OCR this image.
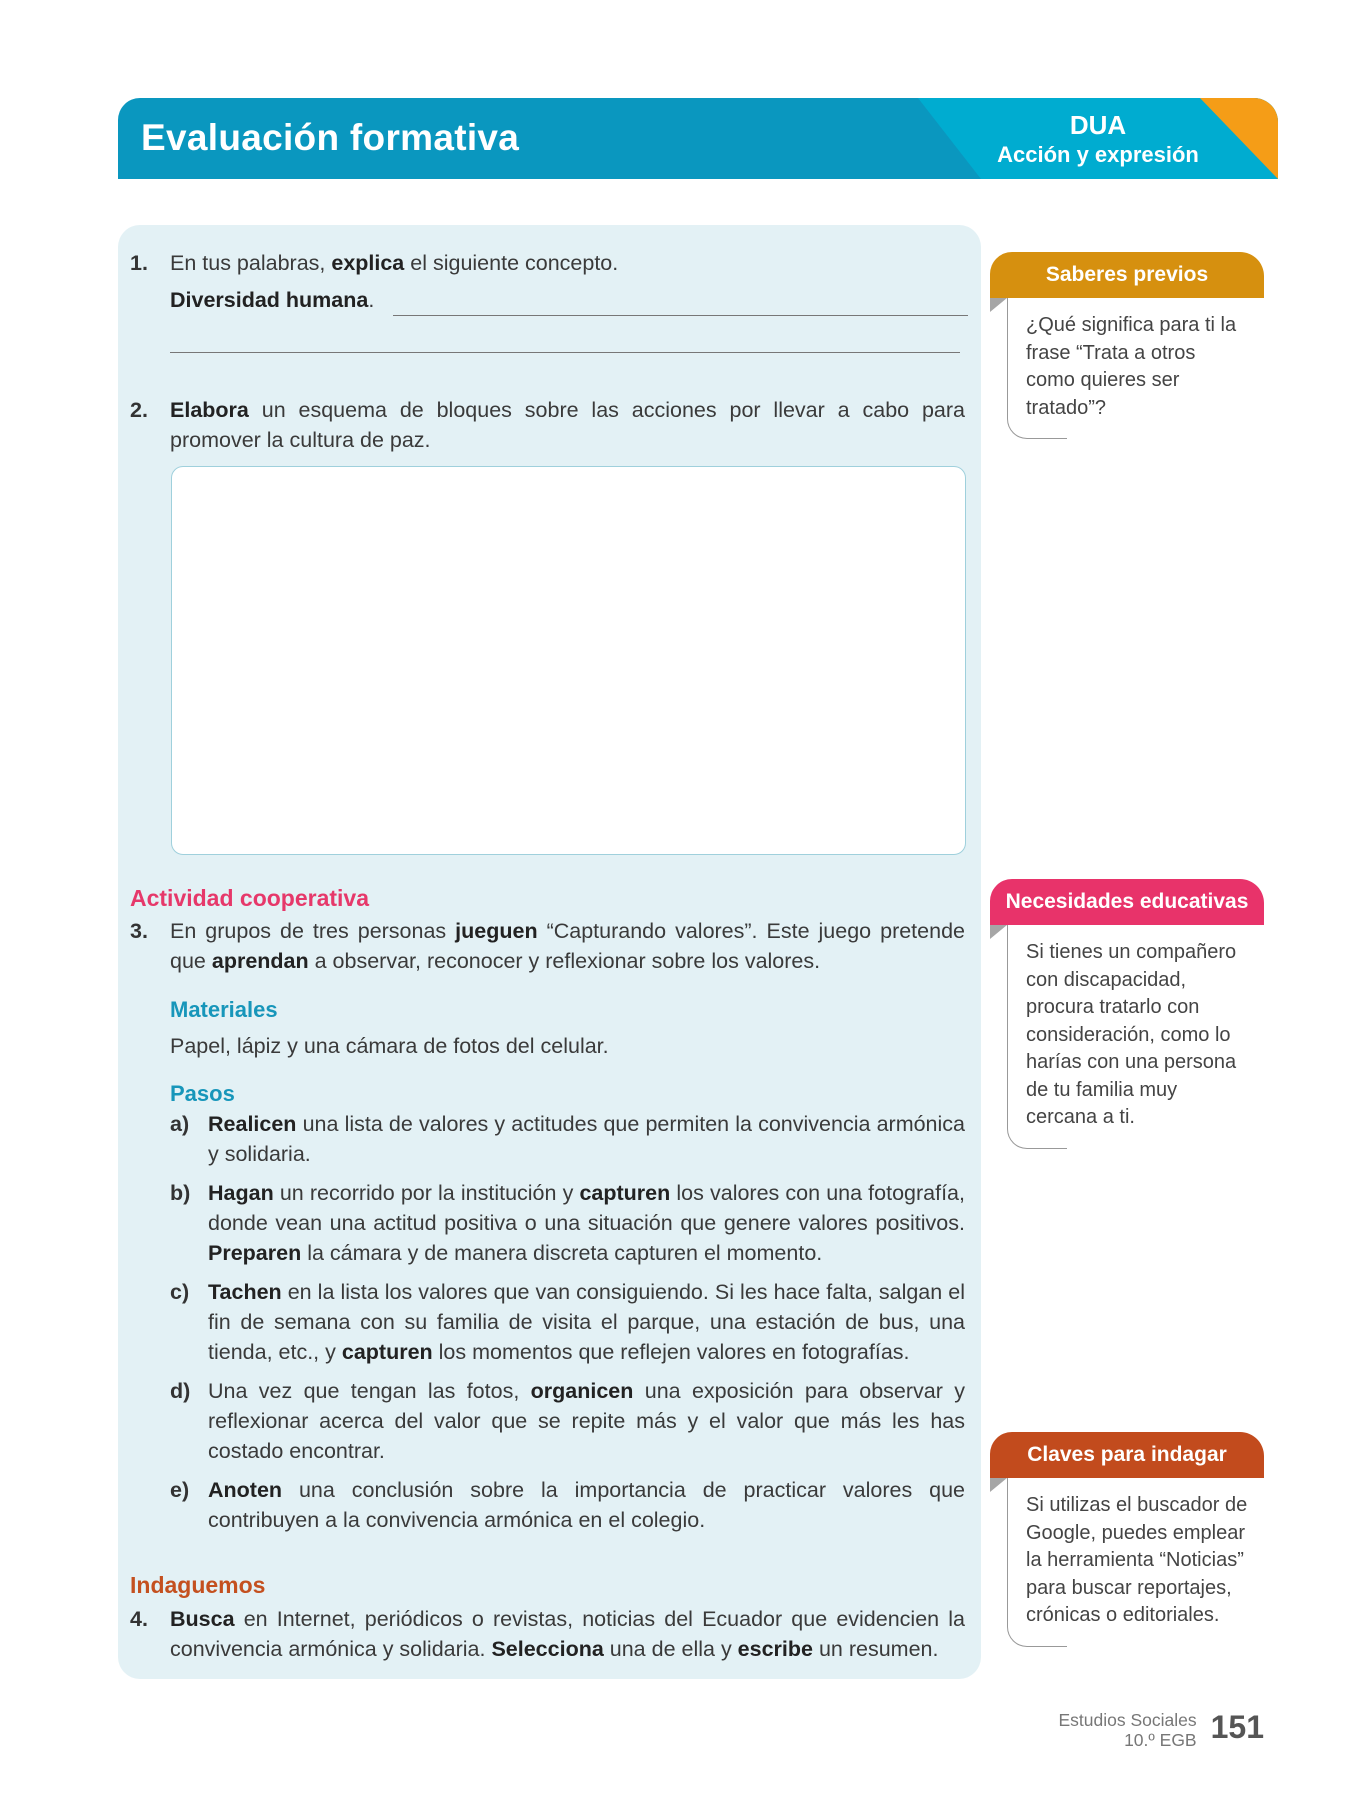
Evaluación formativa	DUA
Acción y expresión
1. En tus palabras, explica el siguiente concepto.
Diversidad humana.
2. Elabora un esquema de bloques sobre las acciones por llevar a cabo para promover la cultura de paz.
Actividad cooperativa
3. En grupos de tres personas jueguen “Capturando valores”. Este juego pretende que aprendan a observar, reconocer y reflexionar sobre los valores.
Materiales
Papel, lápiz y una cámara de fotos del celular.
Pasos
a) Realicen una lista de valores y actitudes que permiten la convivencia armónica y solidaria.
b) Hagan un recorrido por la institución y capturen los valores con una fotografía, donde vean una actitud positiva o una situación que genere valores positivos. Preparen la cámara y de manera discreta capturen el momento.
c) Tachen en la lista los valores que van consiguiendo. Si les hace falta, salgan el fin de semana con su familia de visita el parque, una estación de bus, una tienda, etc., y capturen los momentos que reflejen valores en fotografías.
d) Una vez que tengan las fotos, organicen una exposición para observar y reflexionar acerca del valor que se repite más y el valor que más les has costado encontrar.
e) Anoten una conclusión sobre la importancia de practicar valores que contribuyen a la convivencia armónica en el colegio.
Indaguemos
4. Busca en Internet, periódicos o revistas, noticias del Ecuador que evidencien la convivencia armónica y solidaria. Selecciona una de ella y escribe un resumen.
Saberes previos

¿Qué significa para ti la frase “Trata a otros como quieres ser tratado”?

Necesidades educativas

Si tienes un compañero con discapacidad, procura tratarlo con consideración, como lo harías con una persona de tu familia muy cercana a ti.

Claves para indagar

Si utilizas el buscador de Google, puedes emplear la herramienta “Noticias” para buscar reportajes, crónicas o editoriales.

Estudios Sociales
10.º EGB 151
